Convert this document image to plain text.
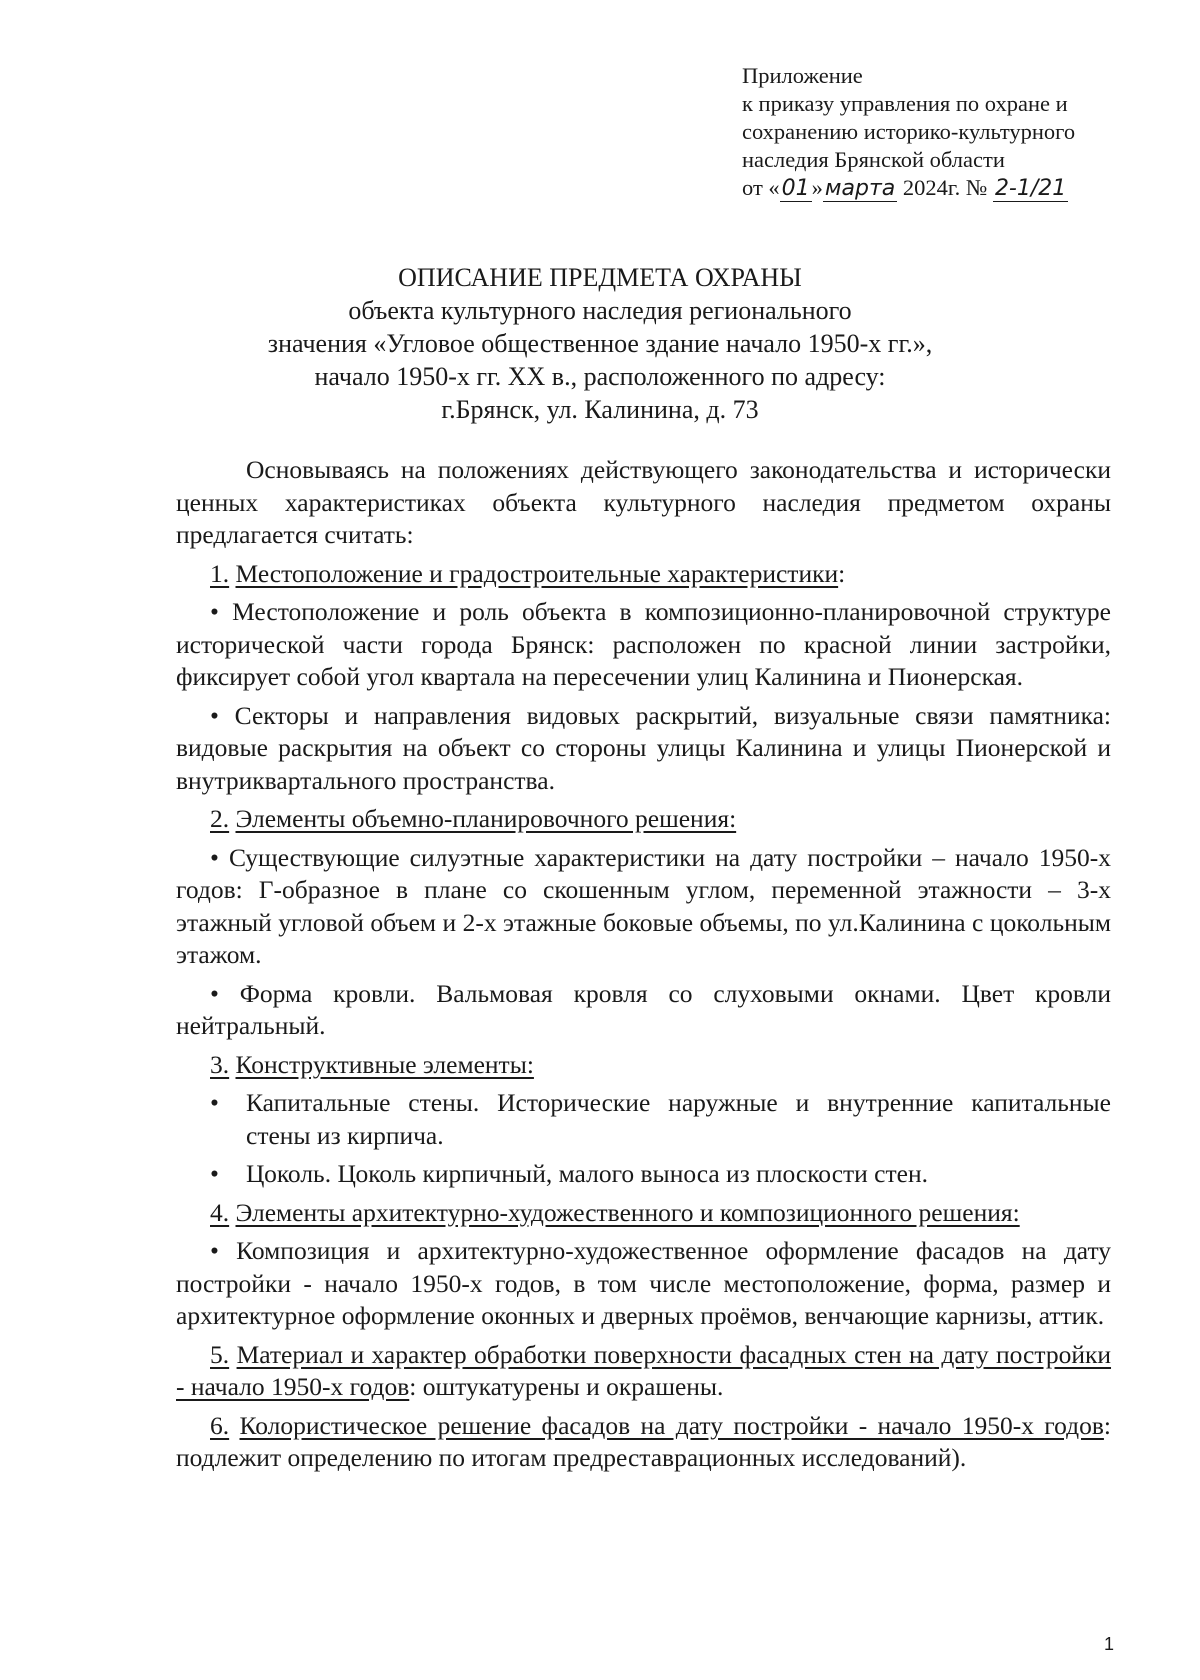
Приложение
к приказу управления по охране и
сохранению историко-культурного
наследия Брянской области
от «01»марта 2024г. № 2-1/21
ОПИСАНИЕ ПРЕДМЕТА ОХРАНЫ
объекта культурного наследия регионального
значения «Угловое общественное здание начало 1950-х гг.»,
начало 1950-х гг. XX в., расположенного по адресу:
г.Брянск, ул. Калинина, д. 73

Основываясь на положениях действующего законодательства и исторически ценных характеристиках объекта культурного наследия предметом охраны предлагается считать:

1. Местоположение и градостроительные характеристики:

• Местоположение и роль объекта в композиционно-планировочной структуре исторической части города Брянск: расположен по красной линии застройки, фиксирует собой угол квартала на пересечении улиц Калинина и Пионерская.

• Секторы и направления видовых раскрытий, визуальные связи памятника: видовые раскрытия на объект со стороны улицы Калинина и улицы Пионерской и внутриквартального пространства.

2. Элементы объемно-планировочного решения:

• Существующие силуэтные характеристики на дату постройки – начало 1950-х годов: Г-образное в плане со скошенным углом, переменной этажности – 3-х этажный угловой объем и 2-х этажные боковые объемы, по ул.Калинина с цокольным этажом.

• Форма кровли. Вальмовая кровля со слуховыми окнами. Цвет кровли нейтральный.

3. Конструктивные элементы:

•	Капитальные стены. Исторические наружные и внутренние капитальные стены из кирпича.
•	Цоколь. Цоколь кирпичный, малого выноса из плоскости стен.

4. Элементы архитектурно-художественного и композиционного решения:

• Композиция и архитектурно-художественное оформление фасадов на дату постройки - начало 1950-х годов, в том числе местоположение, форма, размер и архитектурное оформление оконных и дверных проёмов, венчающие карнизы, аттик.

5. Материал и характер обработки поверхности фасадных стен на дату постройки - начало 1950-х годов: оштукатурены и окрашены.

6. Колористическое решение фасадов на дату постройки - начало 1950-х годов: подлежит определению по итогам предреставрационных исследований).

1
